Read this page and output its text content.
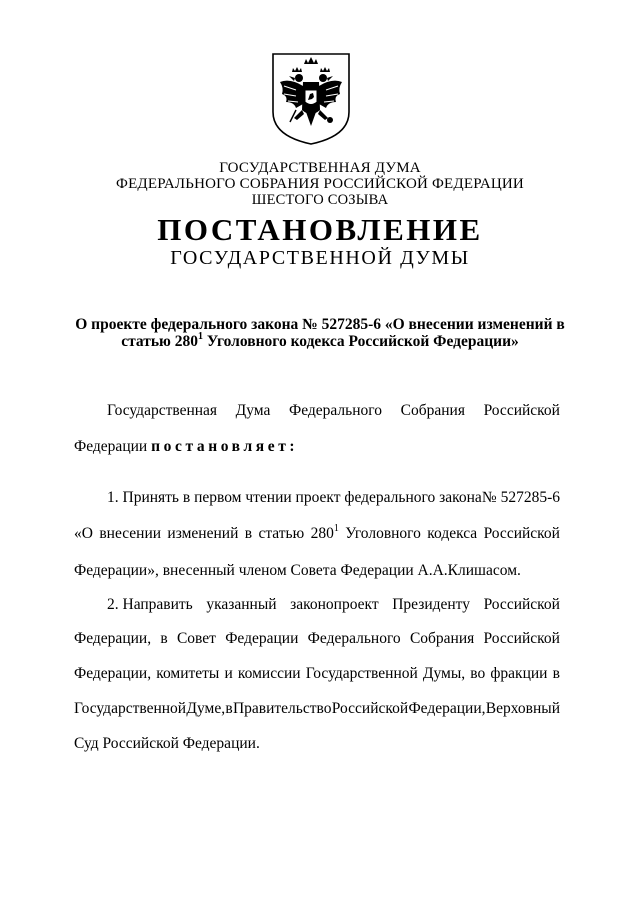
ГОСУДАРСТВЕННАЯ ДУМА
ФЕДЕРАЛЬНОГО СОБРАНИЯ РОССИЙСКОЙ ФЕДЕРАЦИИ
ШЕСТОГО СОЗЫВА
ПОСТАНОВЛЕНИЕ
ГОСУДАРСТВЕННОЙ ДУМЫ
О проекте федерального закона № 527285-6 «О внесении изменений в
статью $280^1$ Уголовного кодекса Российской Федерации»
Государственная Дума Федерального Собрания Российской
Федерации постановляет:
1. Принять в первом чтении проект федерального закона № 527285-6
«О внесении изменений в статью $280^1$ Уголовного кодекса Российской
Федерации», внесенный членом Совета Федерации А.А.Клишасом.
2. Направить указанный законопроект Президенту Российской
Федерации, в Совет Федерации Федерального Собрания Российской
Федерации, комитеты и комиссии Государственной Думы, во фракции в
Государственной Думе, в Правительство Российской Федерации, Верховный
Суд Российской Федерации.
